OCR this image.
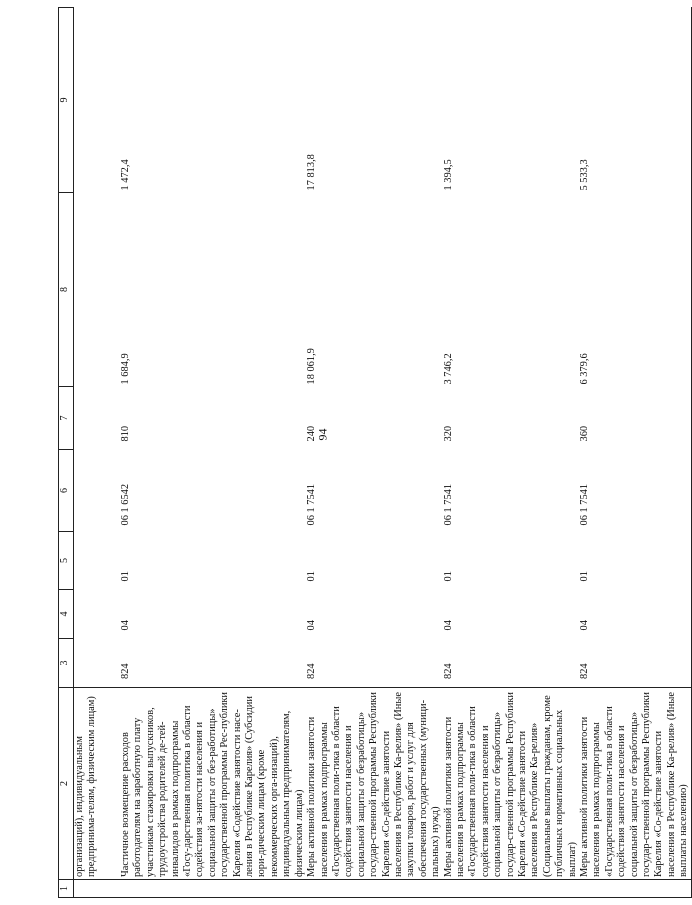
94
1	2	3	4	5	6	7	8	9
	организаций), индивидуальным предпринима-телям, физическим лицам)							
	Частичное возмещение расходов работодателям на заработную плату участникам стажировки выпускников, трудоустройства родителей де-тей-инвалидов в рамках подпрограммы «Госу-дарственная политика в области содействия за-нятости населения и социальной защиты от без-работицы» государственной программы Рес-публики Карелия «Содействие занятости насе-ления в Республике Карелия» (Субсидии юри-дическим лицам (кроме некоммерческих орга-низаций), индивидуальным предпринимателям, физическим лицам)	824	04	01	06 1 6542	810	1 684,9	1 472,4
	Меры активной политики занятости населения в рамках подпрограммы «Государственная поли-тика в области содействия занятости населения и социальной защиты от безработицы» государ-ственной программы Республики Карелия «Со-действие занятости населения в Республике Ка-релия» (Иные закупки товаров, работ и услуг для обеспечения государственных (муници-пальных) нужд)	824	04	01	06 1 7541	240	18 061,9	17 813,8
	Меры активной политики занятости населения в рамках подпрограммы «Государственная поли-тика в области содействия занятости населения и социальной защиты от безработицы» государ-ственной программы Республики Карелия «Со-действие занятости населения в Республике Ка-релия» (Социальные выплаты гражданам, кроме публичных нормативных социальных выплат)	824	04	01	06 1 7541	320	3 746,2	1 394,5
	Меры активной политики занятости населения в рамках подпрограммы «Государственная поли-тика в области содействия занятости населения и социальной защиты от безработицы» государ-ственной программы Республики Карелия «Со-действие занятости населения в Республике Ка-релия» (Иные выплаты населению)	824	04	01	06 1 7541	360	6 379,6	5 533,3
